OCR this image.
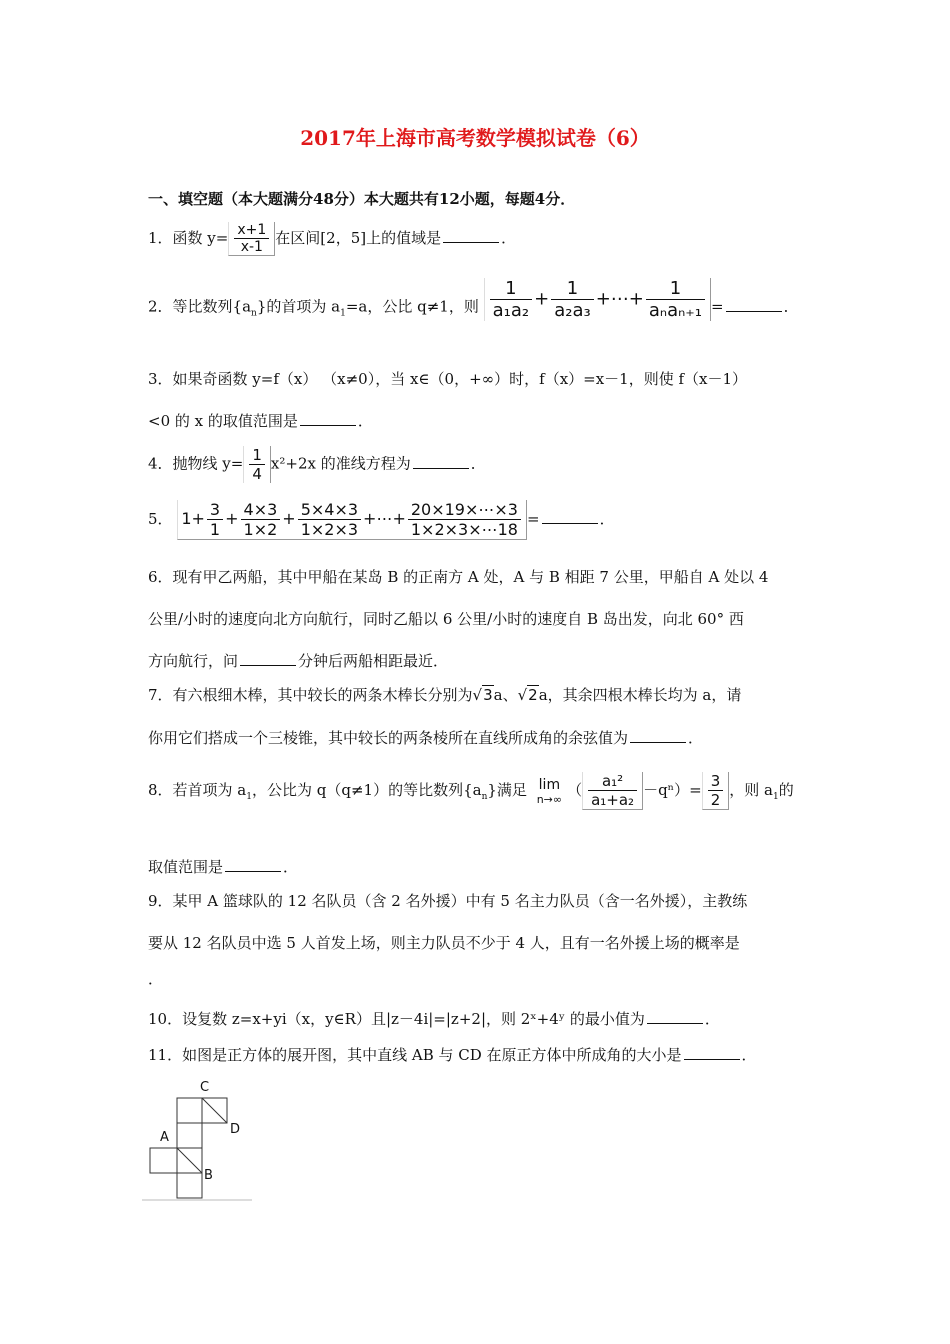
2017年上海市高考数学模拟试卷（6）
一、填空题（本大题满分48分）本大题共有12小题，每题4分．
1．函数 $y= \frac{x+1}{x-1}$ 在区间[2，5]上的值域是	．
2．等比数列$\{a_n\}$的首项为 $a_1=a$，公比 q≠1，则 $\frac{1}{\text{a₁a₂}} + \frac{1}{\text{a₂a₃}}$ +⋯+ $\frac{1}{\text{aₙaₙ₊₁}}$ =	．
3．如果奇函数 y=f（x） （x≠0），当 x∈（0，+∞）时，f（x）=x－1，则使 f（x－1）
<0 的 x 的取值范围是	．
4．抛物线 $y= \frac{1}{4} x^2+2x$ 的准线方程为	．
5． $1+ \frac{3}{1} + \frac{4\times 3}{1\times 2} + \frac{5\times 4\times 3}{1\times 2\times 3}$ +⋯+ $\frac{20\times 19\times\cdots\times 3}{1\times 2\times 3\times\cdots 18}$ =	．
6．现有甲乙两船，其中甲船在某岛 B 的正南方 A 处，A 与 B 相距 7 公里，甲船自 A 处以 4
公里/小时的速度向北方向航行，同时乙船以 6 公里/小时的速度自 B 岛出发，向北 60° 西
方向航行，问	分钟后两船相距最近．
7．有六根细木棒，其中较长的两条木棒长分别为√3a、√2a，其余四根木棒长均为 a，请
你用它们搭成一个三棱锥，其中较长的两条棱所在直线所成角的余弦值为	．
8．若首项为 $a_1$，公比为 q（q≠1）的等比数列$\{a_n\}$满足 lim
n→∞ （ $\frac{\text{a₁²}}{\text{a₁+a₂}} -q^n)= \frac{3}{2}$ ，则 $a_1$的
取值范围是	．
9．某甲 A 篮球队的 12 名队员（含 2 名外援）中有 5 名主力队员（含一名外援），主教练
要从 12 名队员中选 5 人首发上场，则主力队员不少于 4 人，且有一名外援上场的概率是
．
10．设复数 z=x+yi（x，y∈R）且|z－4i|=|z+2|，则 2ˣ+4ʸ 的最小值为	．
11．如图是正方体的展开图，其中直线 AB 与 CD 在原正方体中所成角的大小是	．
C
D
A
B
